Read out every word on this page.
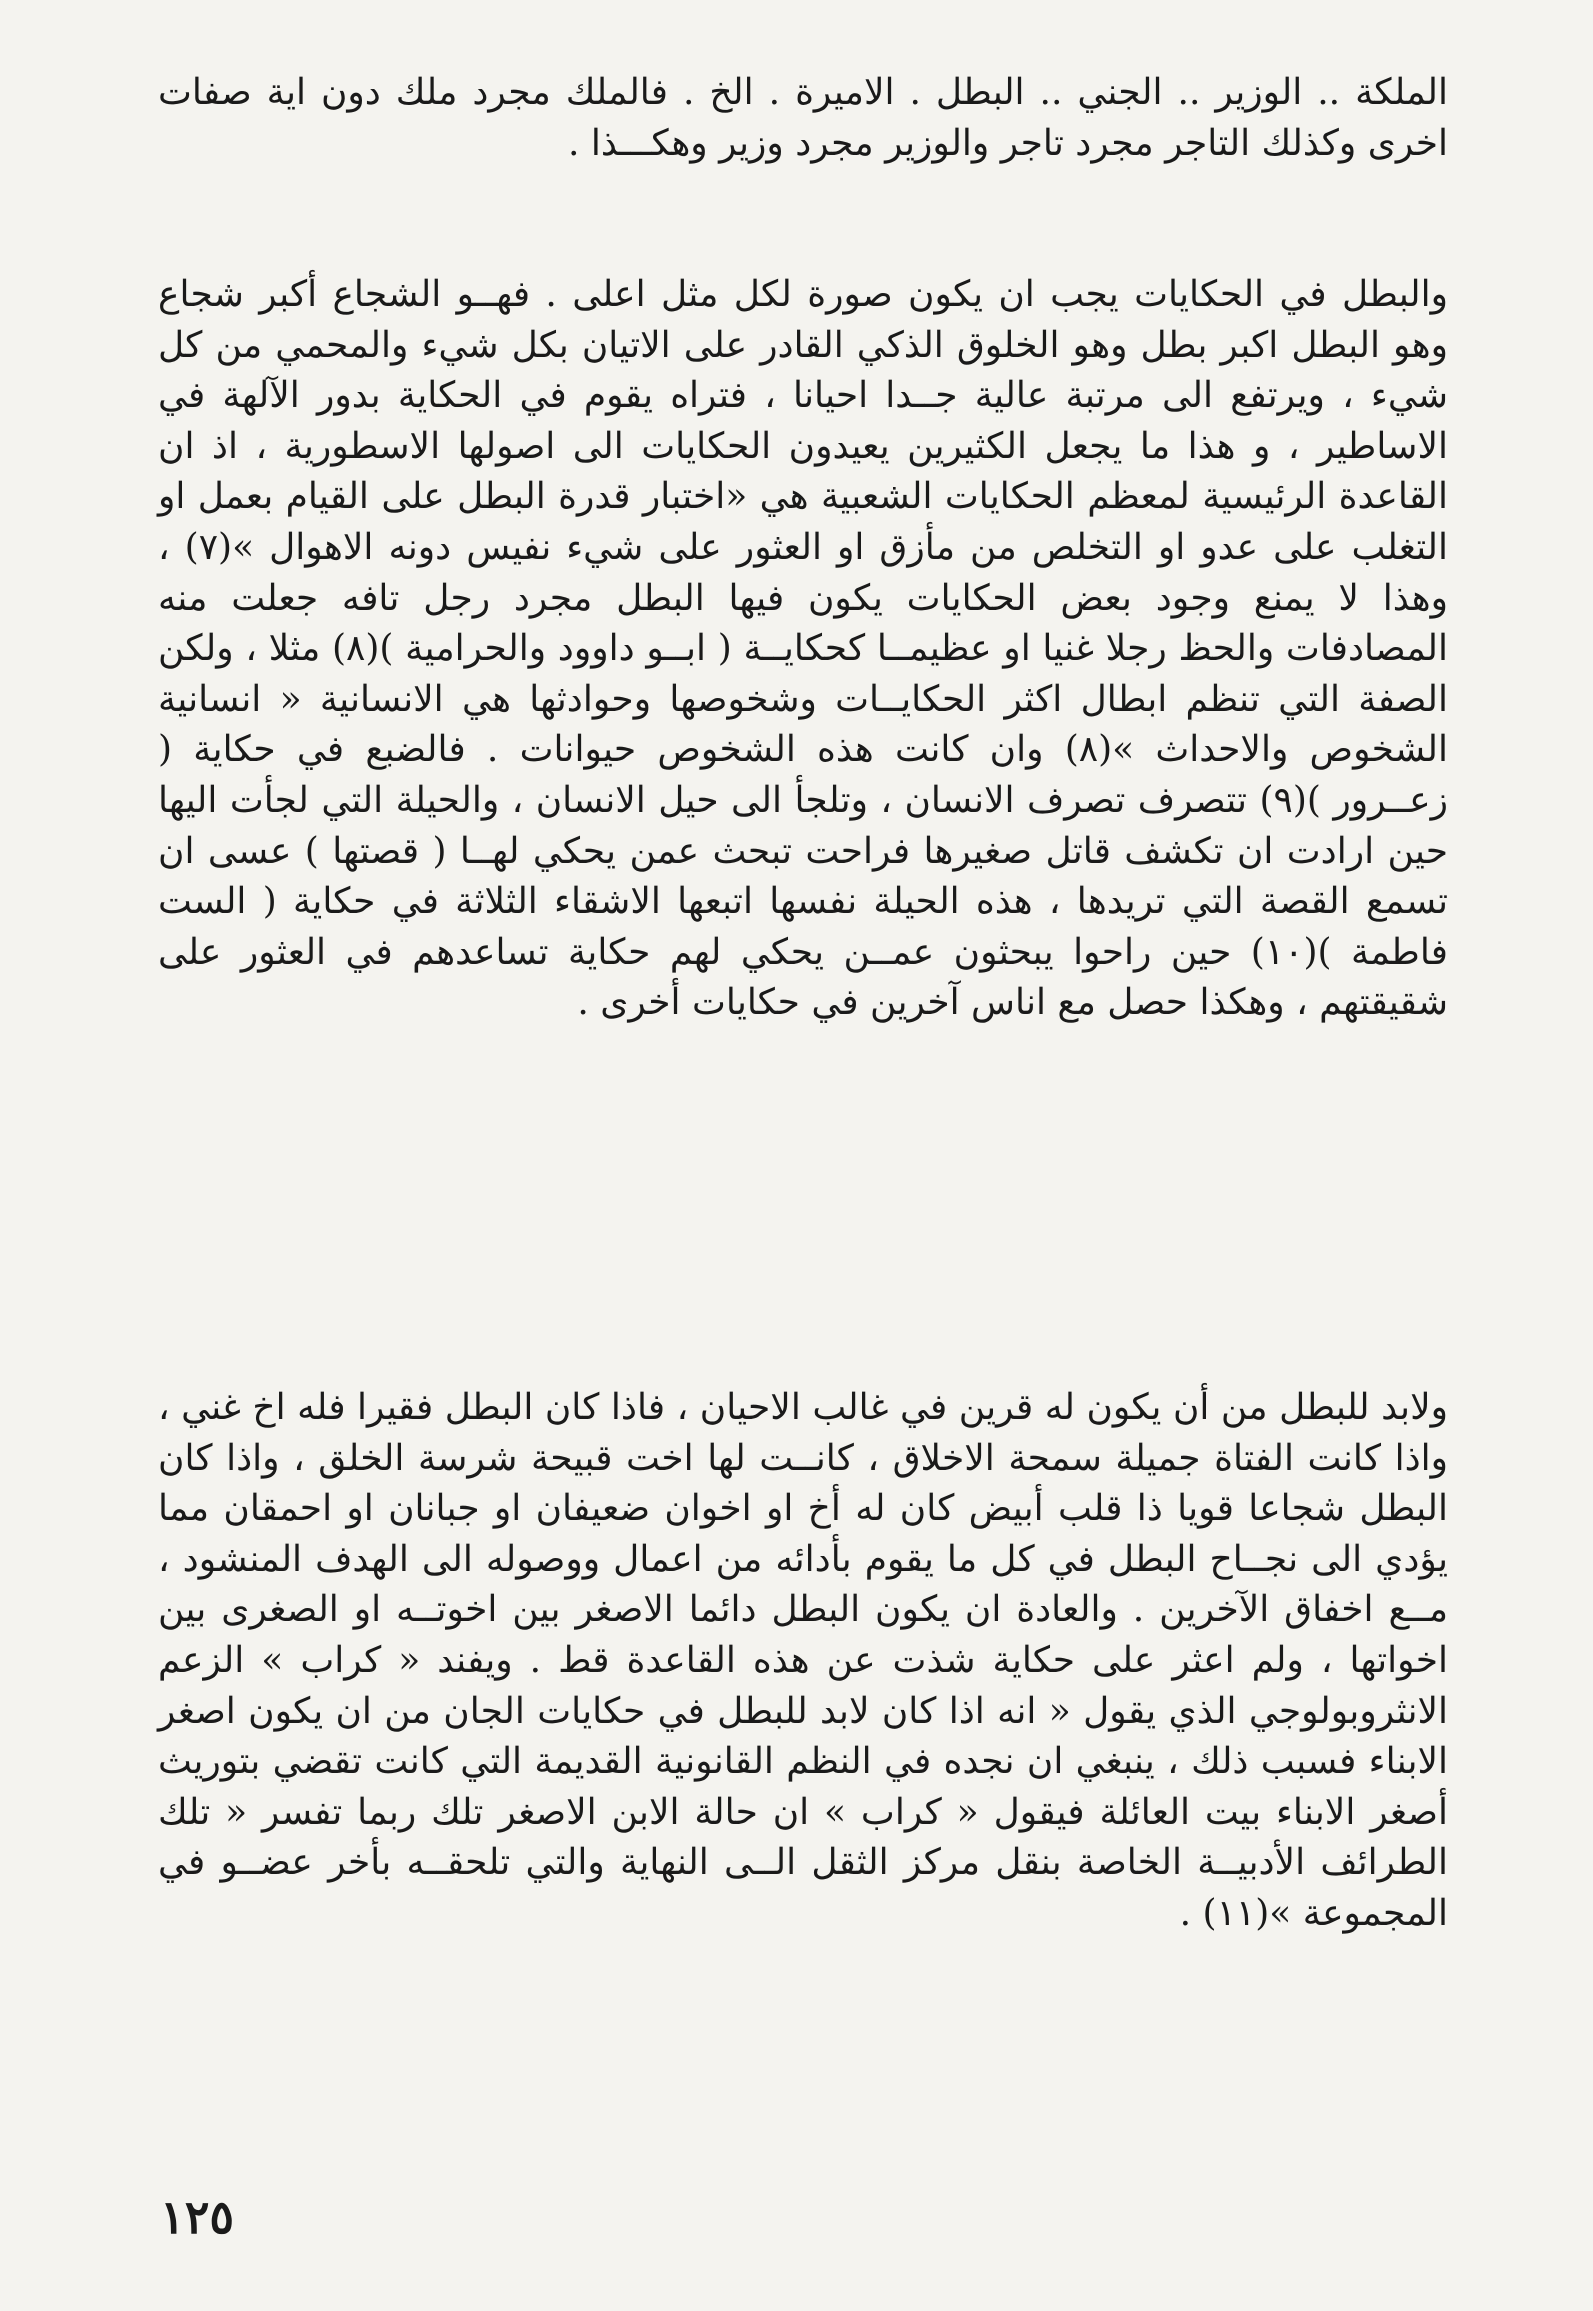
الملكة .. الوزير .. الجني .. البطل . الاميرة . الخ . فالملك مجرد ملك دون اية صفات اخرى وكذلك التاجر مجرد تاجر والوزير مجرد وزير وهكـــذا .

والبطل في الحكايات يجب ان يكون صورة لكل مثل اعلى . فهــو الشجاع أكبر شجاع وهو البطل اكبر بطل وهو الخلوق الذكي القادر على الاتيان بكل شيء والمحمي من كل شيء ، ويرتفع الى مرتبة عالية جــدا احيانا ، فتراه يقوم في الحكاية بدور الآلهة في الاساطير ، و هذا ما يجعل الكثيرين يعيدون الحكايات الى اصولها الاسطورية ، اذ ان القاعدة الرئيسية لمعظم الحكايات الشعبية هي «اختبار قدرة البطل على القيام بعمل او التغلب على عدو او التخلص من مأزق او العثور على شيء نفيس دونه الاهوال »(٧) ، وهذا لا يمنع وجود بعض الحكايات يكون فيها البطل مجرد رجل تافه جعلت منه المصادفات والحظ رجلا غنيا او عظيمــا كحكايــة ( ابــو داوود والحرامية )(٨) مثلا ، ولكن الصفة التي تنظم ابطال اكثر الحكايــات وشخوصها وحوادثها هي الانسانية « انسانية الشخوص والاحداث »(٨) وان كانت هذه الشخوص حيوانات . فالضبع في حكاية ( زعــرور )(٩) تتصرف تصرف الانسان ، وتلجأ الى حيل الانسان ، والحيلة التي لجأت اليها حين ارادت ان تكشف قاتل صغيرها فراحت تبحث عمن يحكي لهــا ( قصتها ) عسى ان تسمع القصة التي تريدها ، هذه الحيلة نفسها اتبعها الاشقاء الثلاثة في حكاية ( الست فاطمة )(١٠) حين راحوا يبحثون عمــن يحكي لهم حكاية تساعدهم في العثور على شقيقتهم ، وهكذا حصل مع اناس آخرين في حكايات أخرى .

ولابد للبطل من أن يكون له قرين في غالب الاحيان ، فاذا كان البطل فقيرا فله اخ غني ، واذا كانت الفتاة جميلة سمحة الاخلاق ، كانــت لها اخت قبيحة شرسة الخلق ، واذا كان البطل شجاعا قويا ذا قلب أبيض كان له أخ او اخوان ضعيفان او جبانان او احمقان مما يؤدي الى نجــاح البطل في كل ما يقوم بأدائه من اعمال ووصوله الى الهدف المنشود ، مــع اخفاق الآخرين . والعادة ان يكون البطل دائما الاصغر بين اخوتــه او الصغرى بين اخواتها ، ولم اعثر على حكاية شذت عن هذه القاعدة قط . ويفند « كراب » الزعم الانثروبولوجي الذي يقول « انه اذا كان لابد للبطل في حكايات الجان من ان يكون اصغر الابناء فسبب ذلك ، ينبغي ان نجده في النظم القانونية القديمة التي كانت تقضي بتوريث أصغر الابناء بيت العائلة فيقول « كراب » ان حالة الابن الاصغر تلك ربما تفسر « تلك الطرائف الأدبيــة الخاصة بنقل مركز الثقل الــى النهاية والتي تلحقــه بأخر عضــو في المجموعة »(١١) .

١٢٥
